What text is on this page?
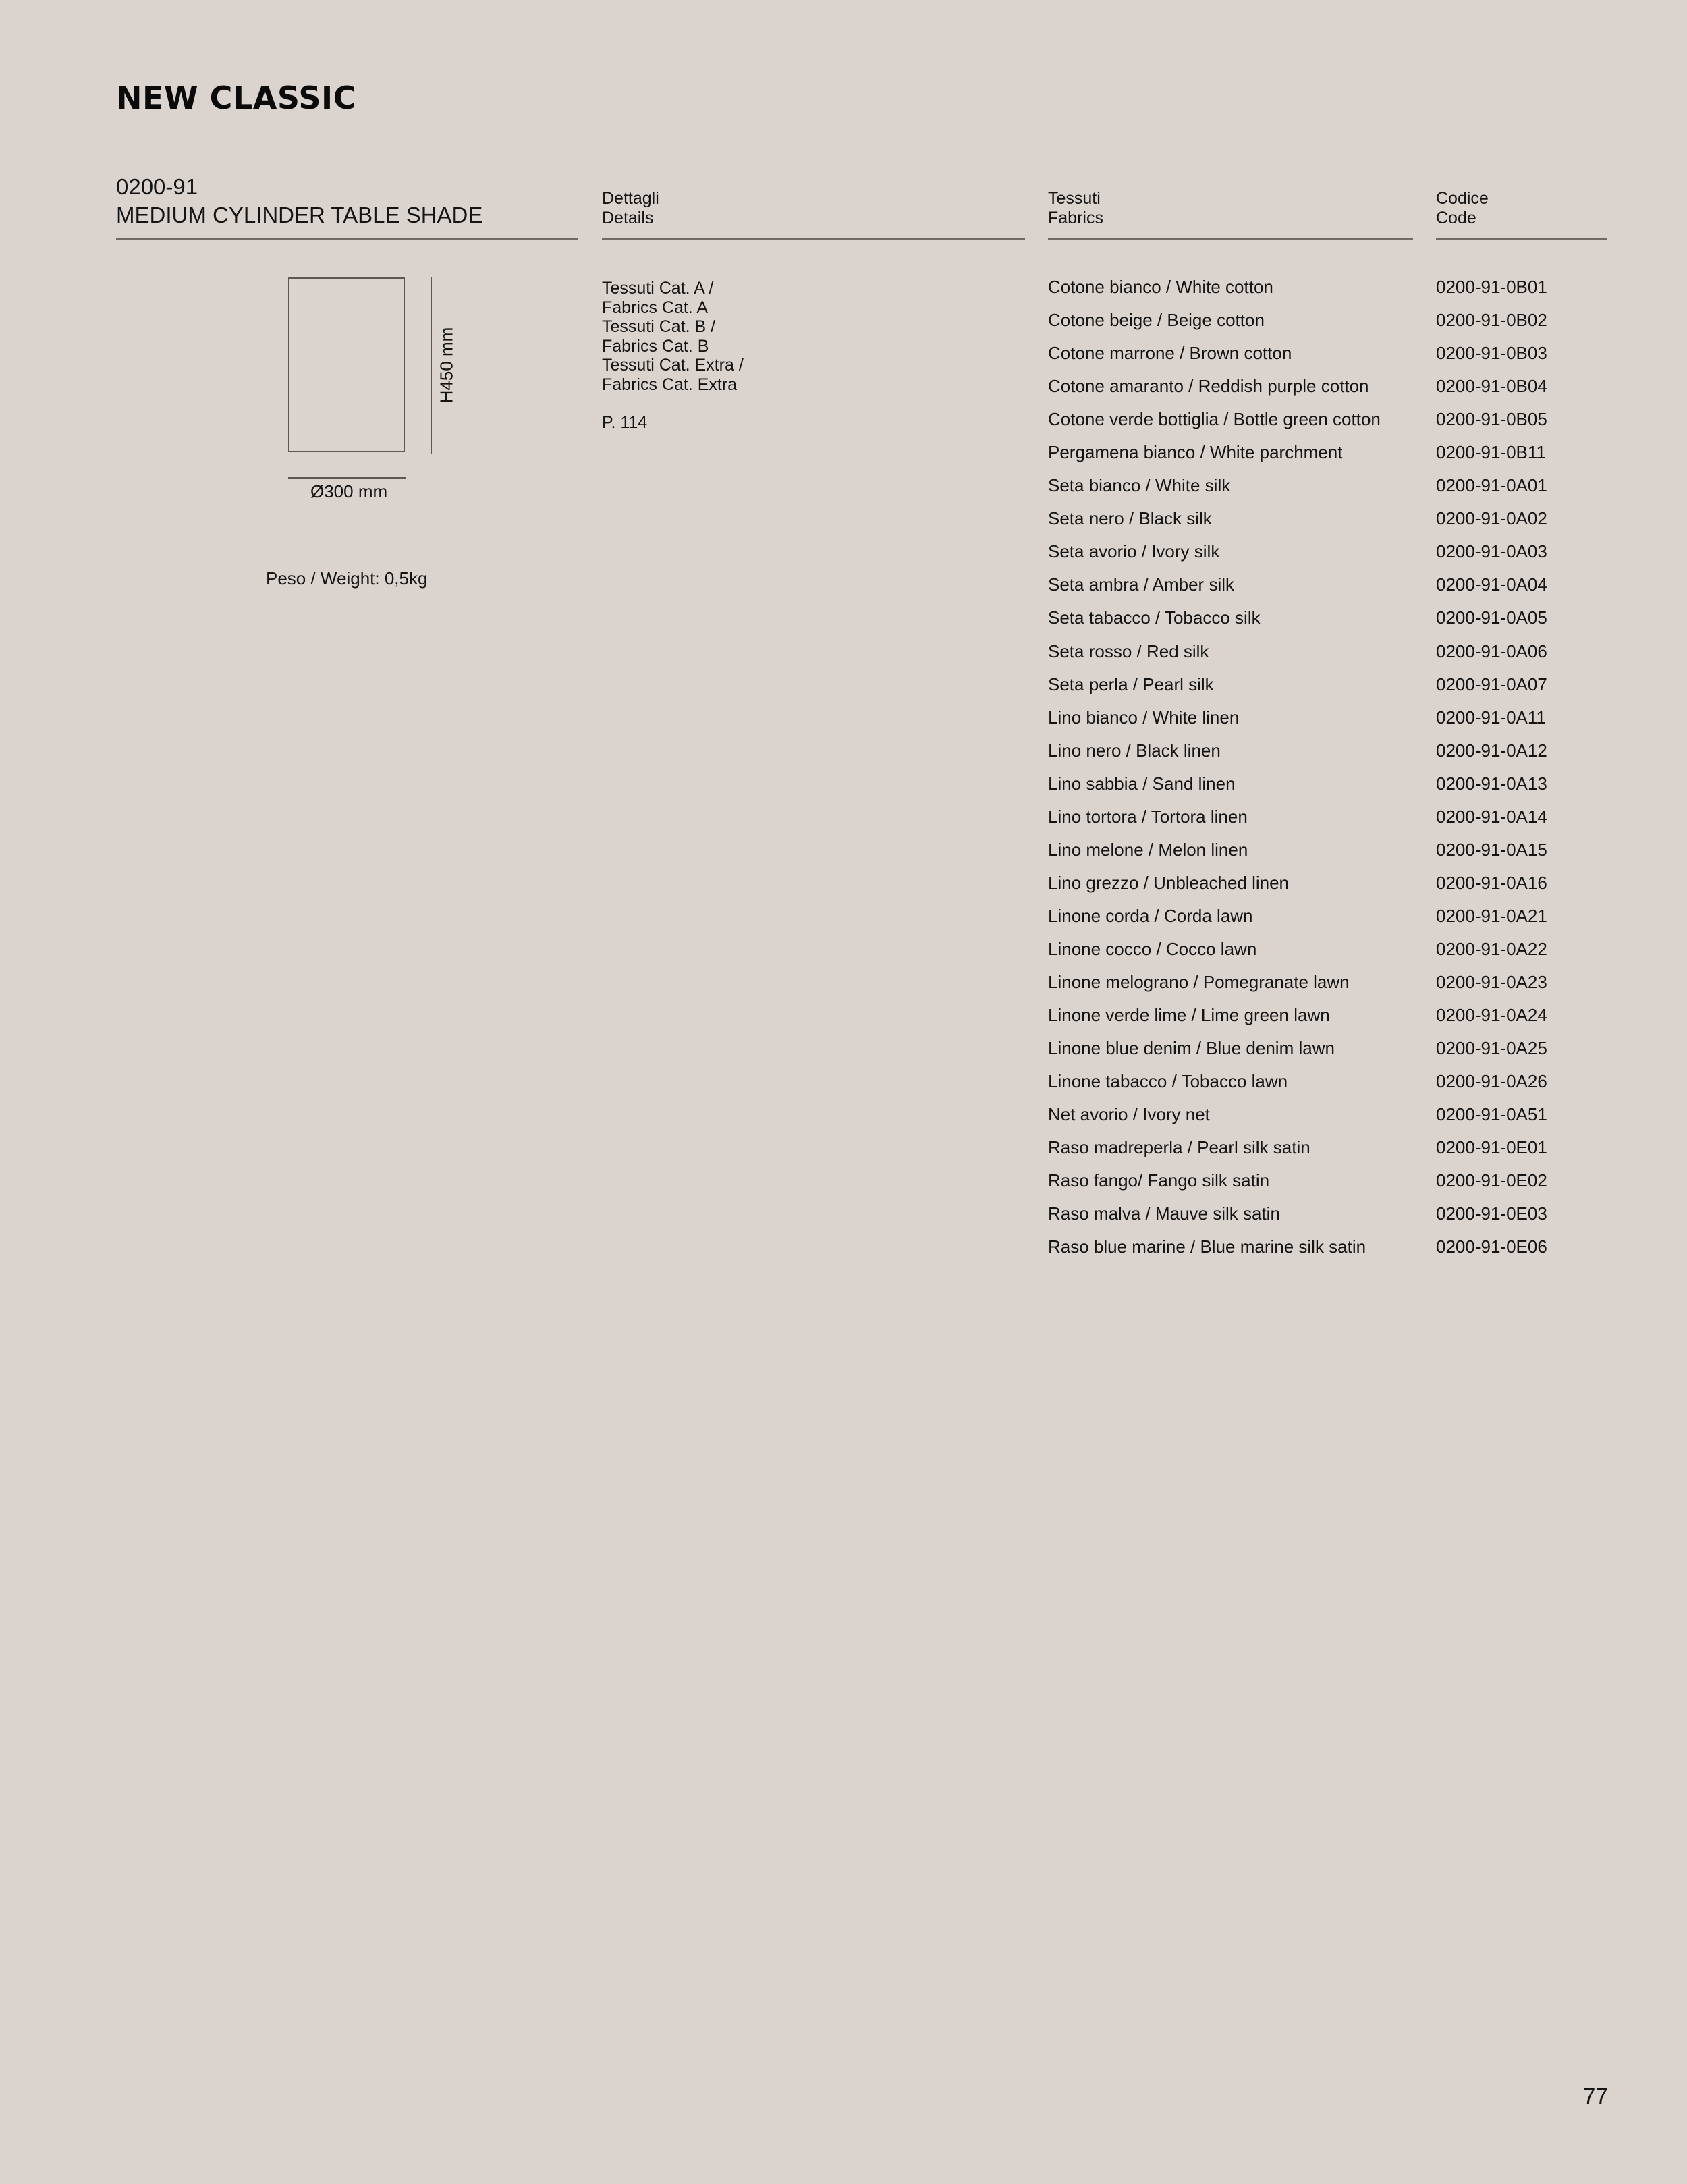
NEW CLASSIC
0200-91
MEDIUM CYLINDER TABLE SHADE
Dettagli
Details
Tessuti
Fabrics
Codice
Code
H450 mm
Ø300 mm
Peso / Weight: 0,5kg
Tessuti Cat. A /
Fabrics Cat. A
Tessuti Cat. B /
Fabrics Cat. B
Tessuti Cat. Extra /
Fabrics Cat. Extra
P. 114
Cotone bianco / White cotton	0200-91-0B01
Cotone beige / Beige cotton	0200-91-0B02
Cotone marrone / Brown cotton	0200-91-0B03
Cotone amaranto / Reddish purple cotton	0200-91-0B04
Cotone verde bottiglia / Bottle green cotton	0200-91-0B05
Pergamena bianco / White parchment	0200-91-0B11
Seta bianco / White silk	0200-91-0A01
Seta nero / Black silk	0200-91-0A02
Seta avorio / Ivory silk	0200-91-0A03
Seta ambra / Amber silk	0200-91-0A04
Seta tabacco / Tobacco silk	0200-91-0A05
Seta rosso / Red silk	0200-91-0A06
Seta perla / Pearl silk	0200-91-0A07
Lino bianco / White linen	0200-91-0A11
Lino nero / Black linen	0200-91-0A12
Lino sabbia / Sand linen	0200-91-0A13
Lino tortora / Tortora linen	0200-91-0A14
Lino melone / Melon linen	0200-91-0A15
Lino grezzo / Unbleached linen	0200-91-0A16
Linone corda / Corda lawn	0200-91-0A21
Linone cocco / Cocco lawn	0200-91-0A22
Linone melograno / Pomegranate lawn	0200-91-0A23
Linone verde lime / Lime green lawn	0200-91-0A24
Linone blue denim / Blue denim lawn	0200-91-0A25
Linone tabacco / Tobacco lawn	0200-91-0A26
Net avorio / Ivory net	0200-91-0A51
Raso madreperla / Pearl silk satin	0200-91-0E01
Raso fango/ Fango silk satin	0200-91-0E02
Raso malva / Mauve silk satin	0200-91-0E03
Raso blue marine / Blue marine silk satin	0200-91-0E06
77
